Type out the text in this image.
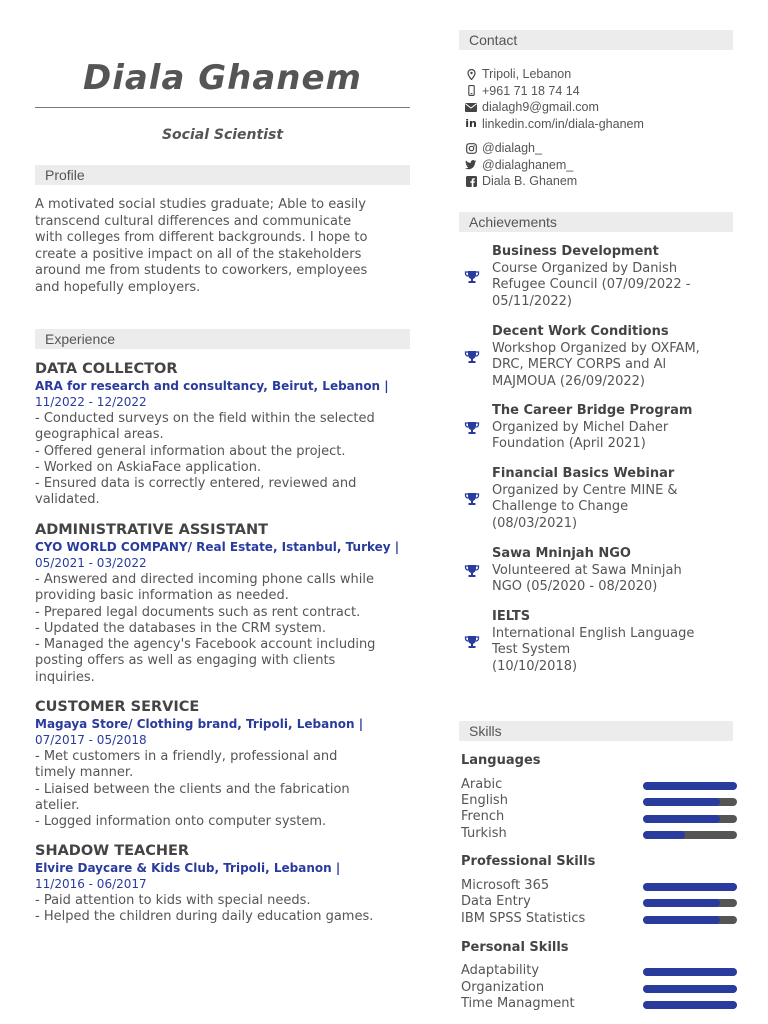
Diala Ghanem
Social Scientist
Profile
A motivated social studies graduate; Able to easily
transcend cultural differences and communicate
with colleges from different backgrounds. I hope to
create a positive impact on all of the stakeholders
around me from students to coworkers, employees
and hopefully employers.
Experience
DATA COLLECTOR
ARA for research and consultancy, Beirut, Lebanon |
11/2022 - 12/2022
- Conducted surveys on the field within the selected
geographical areas.
- Offered general information about the project.
- Worked on AskiaFace application.
- Ensured data is correctly entered, reviewed and
validated.
ADMINISTRATIVE ASSISTANT
CYO WORLD COMPANY/ Real Estate, Istanbul, Turkey |
05/2021 - 03/2022
- Answered and directed incoming phone calls while
providing basic information as needed.
- Prepared legal documents such as rent contract.
- Updated the databases in the CRM system.
- Managed the agency's Facebook account including
posting offers as well as engaging with clients
inquiries.
CUSTOMER SERVICE
Magaya Store/ Clothing brand, Tripoli, Lebanon |
07/2017 - 05/2018
- Met customers in a friendly, professional and
timely manner.
- Liaised between the clients and the fabrication
atelier.
- Logged information onto computer system.
SHADOW TEACHER
Elvire Daycare & Kids Club, Tripoli, Lebanon |
11/2016 - 06/2017
- Paid attention to kids with special needs.
- Helped the children during daily education games.
Contact
Tripoli, Lebanon
+961 71 18 74 14
dialagh9@gmail.com
in linkedin.com/in/diala-ghanem
@dialagh_
@dialaghanem_
Diala B. Ghanem
Achievements
Business Development
Course Organized by Danish
Refugee Council (07/09/2022 -
05/11/2022)
Decent Work Conditions
Workshop Organized by OXFAM,
DRC, MERCY CORPS and Al
MAJMOUA (26/09/2022)
The Career Bridge Program
Organized by Michel Daher
Foundation (April 2021)
Financial Basics Webinar
Organized by Centre MINE &
Challenge to Change
(08/03/2021)
Sawa Mninjah NGO
Volunteered at Sawa Mninjah
NGO (05/2020 - 08/2020)
IELTS
International English Language
Test System
(10/10/2018)
Skills
Languages
Arabic
English
French
Turkish
Professional Skills
Microsoft 365
Data Entry
IBM SPSS Statistics
Personal Skills
Adaptability
Organization
Time Managment
